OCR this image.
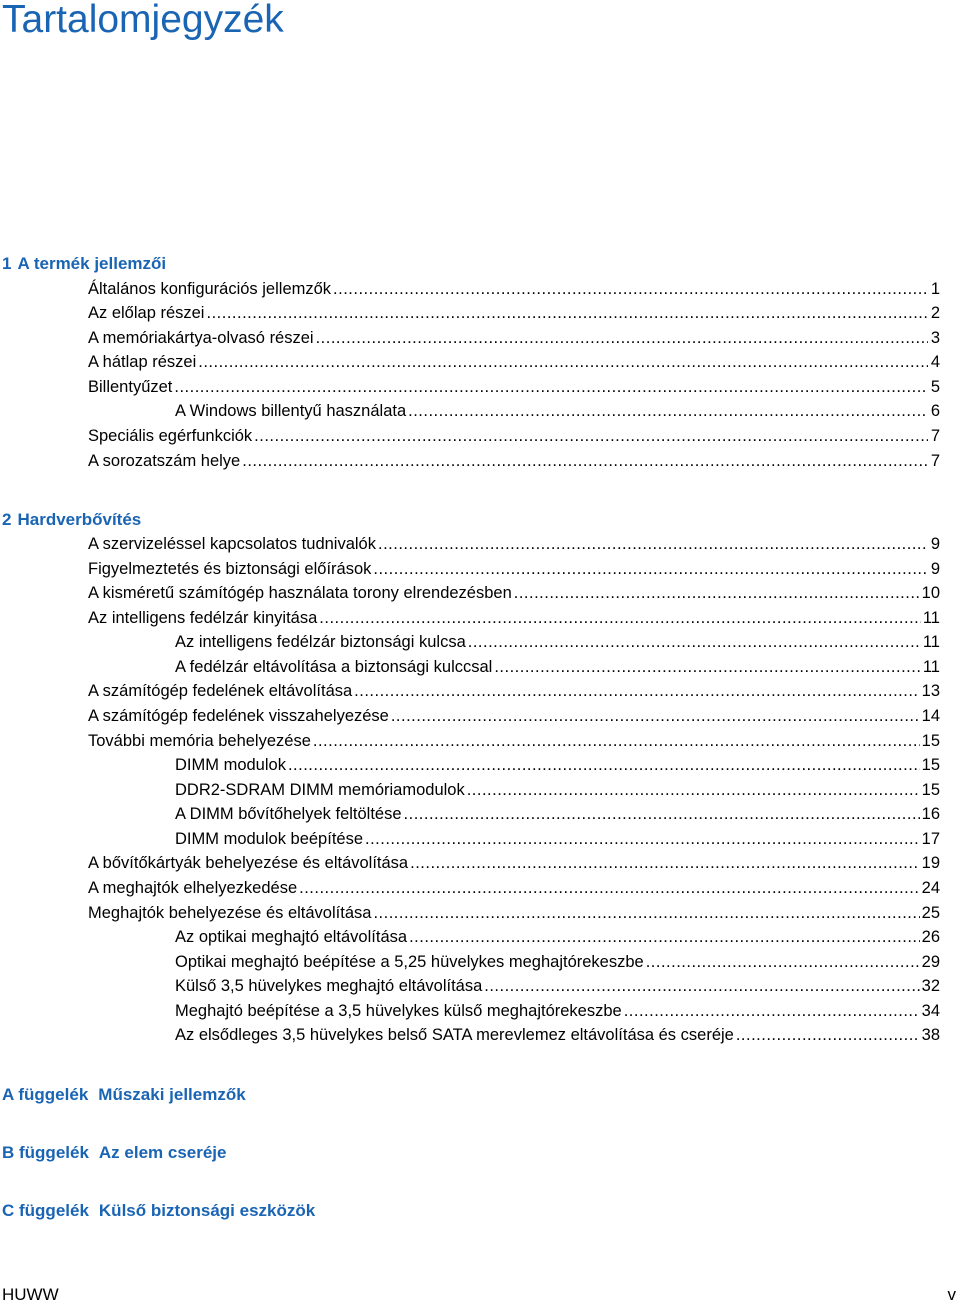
Tartalomjegyzék
1 A termék jellemzői
Általános konfigurációs jellemzők .....	1
Az előlap részei .....	2
A memóriakártya-olvasó részei .....	3
A hátlap részei .....	4
Billentyűzet .....	5
A Windows billentyű használata .....	6
Speciális egérfunkciók .....	7
A sorozatszám helye .....	7
2 Hardverbővítés
A szervizeléssel kapcsolatos tudnivalók .....	9
Figyelmeztetés és biztonsági előírások .....	9
A kisméretű számítógép használata torony elrendezésben .....	10
Az intelligens fedélzár kinyitása .....	11
Az intelligens fedélzár biztonsági kulcsa .....	11
A fedélzár eltávolítása a biztonsági kulccsal .....	11
A számítógép fedelének eltávolítása .....	13
A számítógép fedelének visszahelyezése .....	14
További memória behelyezése .....	15
DIMM modulok .....	15
DDR2-SDRAM DIMM memóriamodulok .....	15
A DIMM bővítőhelyek feltöltése .....	16
DIMM modulok beépítése .....	17
A bővítőkártyák behelyezése és eltávolítása .....	19
A meghajtók elhelyezkedése .....	24
Meghajtók behelyezése és eltávolítása .....	25
Az optikai meghajtó eltávolítása .....	26
Optikai meghajtó beépítése a 5,25 hüvelykes meghajtórekeszbe .....	29
Külső 3,5 hüvelykes meghajtó eltávolítása .....	32
Meghajtó beépítése a 3,5 hüvelykes külső meghajtórekeszbe .....	34
Az elsődleges 3,5 hüvelykes belső SATA merevlemez eltávolítása és cseréje .....	38
A függelék Műszaki jellemzők
B függelék Az elem cseréje
C függelék Külső biztonsági eszközök
HUWW	v
